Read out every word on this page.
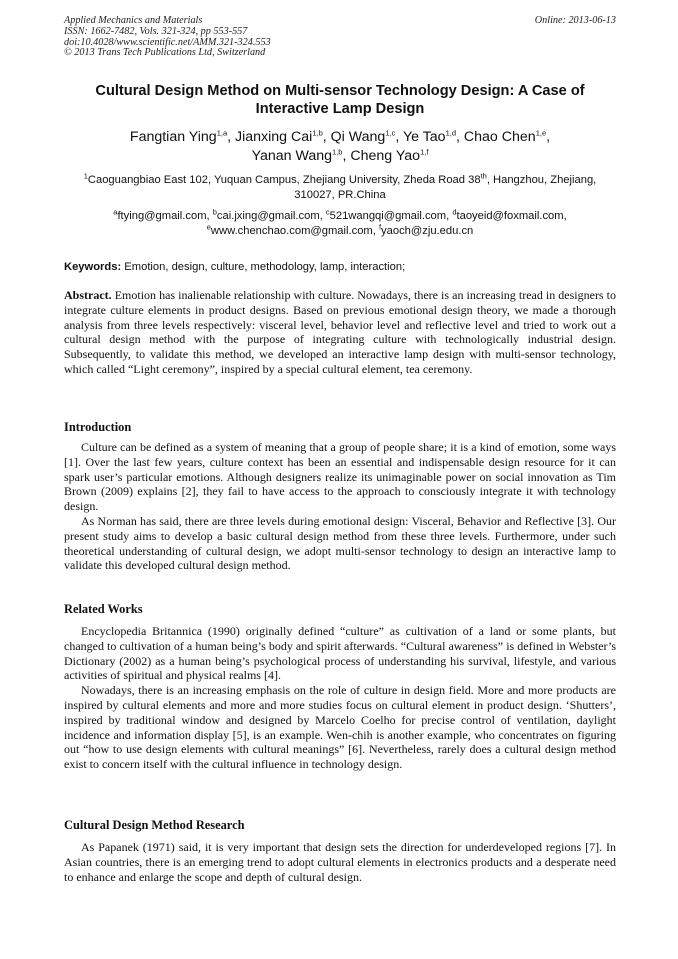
Applied Mechanics and Materials
ISSN: 1662-7482, Vols. 321-324, pp 553-557
doi:10.4028/www.scientific.net/AMM.321-324.553
© 2013 Trans Tech Publications Ltd, Switzerland
Online: 2013-06-13
Cultural Design Method on Multi-sensor Technology Design: A Case of Interactive Lamp Design
Fangtian Ying$^{1,a}$, Jianxing Cai$^{1,b}$, Qi Wang$^{1,c}$, Ye Tao$^{1,d}$, Chao Chen$^{1,e}$,
Yanan Wang$^{1,b}$, Cheng Yao$^{1,f}$
$^1$Caoguangbiao East 102, Yuquan Campus, Zhejiang University, Zheda Road 38th, Hangzhou, Zhejiang, 310027, PR.China
$^a$ftying@gmail.com, $^b$cai.jxing@gmail.com, $^c$521wangqi@gmail.com, $^d$taoyeid@foxmail.com,
$^e$www.chenchao.com@gmail.com, $^f$yaoch@zju.edu.cn
Keywords: Emotion, design, culture, methodology, lamp, interaction;

Abstract. Emotion has inalienable relationship with culture. Nowadays, there is an increasing tread in designers to integrate culture elements in product designs. Based on previous emotional design theory, we made a thorough analysis from three levels respectively: visceral level, behavior level and reflective level and tried to work out a cultural design method with the purpose of integrating culture with technologically industrial design. Subsequently, to validate this method, we developed an interactive lamp design with multi-sensor technology, which called “Light ceremony”, inspired by a special cultural element, tea ceremony.

Introduction

Culture can be defined as a system of meaning that a group of people share; it is a kind of emotion, some ways [1]. Over the last few years, culture context has been an essential and indispensable design resource for it can spark user’s particular emotions. Although designers realize its unimaginable power on social innovation as Tim Brown (2009) explains [2], they fail to have access to the approach to consciously integrate it with technology design.

As Norman has said, there are three levels during emotional design: Visceral, Behavior and Reflective [3]. Our present study aims to develop a basic cultural design method from these three levels. Furthermore, under such theoretical understanding of cultural design, we adopt multi-sensor technology to design an interactive lamp to validate this developed cultural design method.

Related Works

Encyclopedia Britannica (1990) originally defined “culture” as cultivation of a land or some plants, but changed to cultivation of a human being’s body and spirit afterwards. “Cultural awareness” is defined in Webster’s Dictionary (2002) as a human being’s psychological process of understanding his survival, lifestyle, and various activities of spiritual and physical realms [4].

Nowadays, there is an increasing emphasis on the role of culture in design field. More and more products are inspired by cultural elements and more and more studies focus on cultural element in product design. ‘Shutters’, inspired by traditional window and designed by Marcelo Coelho for precise control of ventilation, daylight incidence and information display [5], is an example. Wen-chih is another example, who concentrates on figuring out “how to use design elements with cultural meanings” [6]. Nevertheless, rarely does a cultural design method exist to concern itself with the cultural influence in technology design.

Cultural Design Method Research

As Papanek (1971) said, it is very important that design sets the direction for underdeveloped regions [7]. In Asian countries, there is an emerging trend to adopt cultural elements in electronics products and a desperate need to enhance and enlarge the scope and depth of cultural design.
